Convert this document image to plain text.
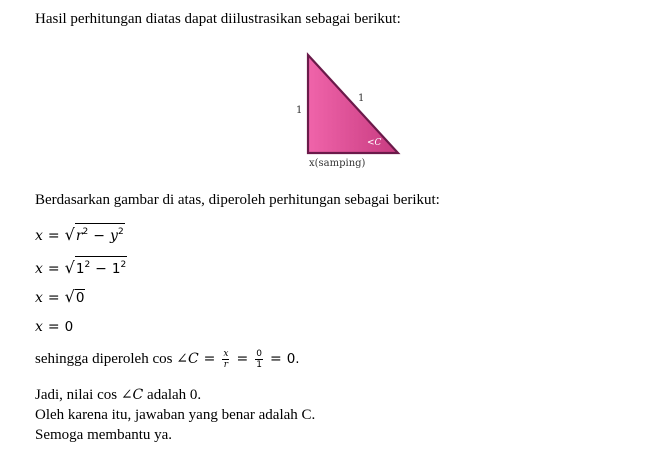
Hasil perhitungan diatas dapat diilustrasikan sebagai berikut:
1
1
<C
x(samping)
Berdasarkan gambar di atas, diperoleh perhitungan sebagai berikut:
$x = √r^2 - y^2$
$x = √1^2 - 1^2$
x = √0
x = 0
sehingga diperoleh cos ∠C = $\frac{x}{r} = \frac{0}{1} = 0$.
Jadi, nilai cos ∠C adalah 0.
Oleh karena itu, jawaban yang benar adalah C.
Semoga membantu ya.
